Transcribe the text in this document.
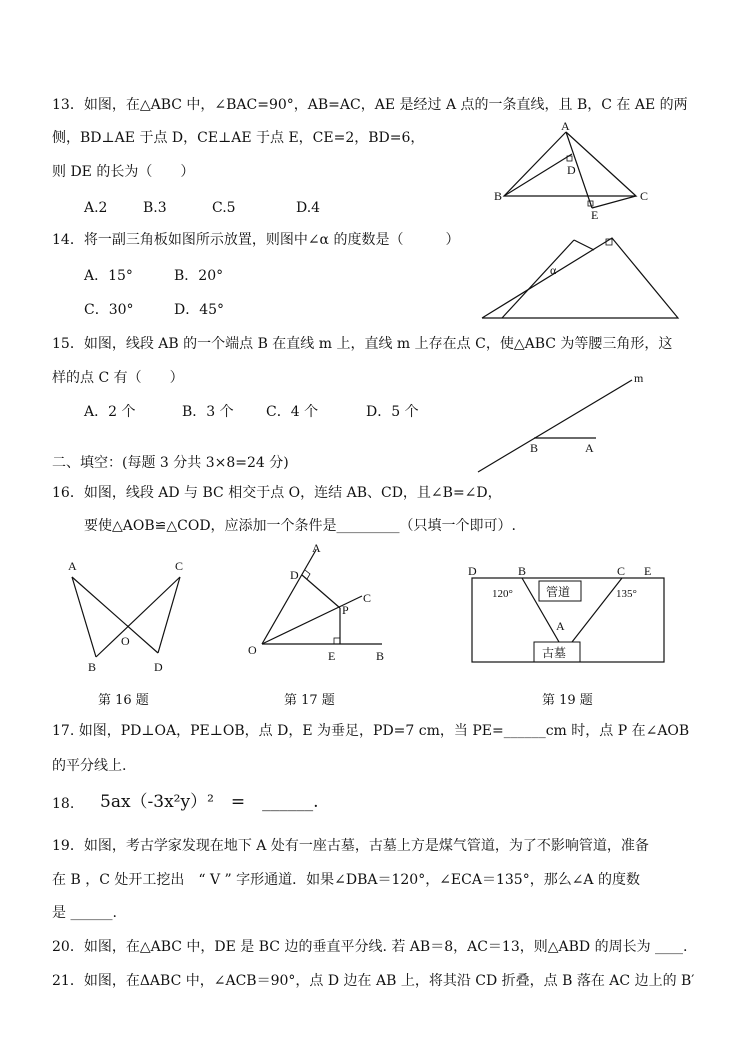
13．如图，在△ABC 中，∠BAC=90°，AB=AC，AE 是经过 A 点的一条直线，且 B，C 在 AE 的两
侧，BD⊥AE 于点 D，CE⊥AE 于点 E，CE=2，BD=6，
则 DE 的长为（　　）
A.2	B.3	C.5	D.4
A
B	C
D
E
14．将一副三角板如图所示放置，则图中∠α 的度数是（　　　）
A．15°	B．20°
C．30°	D．45°
α
15．如图，线段 AB 的一个端点 B 在直线 m 上，直线 m 上存在点 C，使△ABC 为等腰三角形，这
样的点 C 有（　　）
A．2 个	B．3 个 C．4 个	D．5 个
m
B	A
二、填空：(每题 3 分共 3×8=24 分)
16．如图，线段 AD 与 BC 相交于点 O，连结 AB、CD，且∠B=∠D，
要使△AOB≌△COD，应添加一个条件是_________（只填一个即可）.
A	C
O
B	D
第 16 题
A
D
C
P
O	E	B
第 17 题
D	B	C E
120°	135°
管道
A
古墓
第 19 题
17. 如图，PD⊥OA，PE⊥OB，点 D，E 为垂足，PD=7 cm，当 PE=______cm 时，点 P 在∠AOB
的平分线上.
18. 5ax（-3x²y）²　=　______.
19．如图，考古学家发现在地下 A 处有一座古墓，古墓上方是煤气管道，为了不影响管道，准备
在 B ，C 处开工挖出　“ V ” 字形通道．如果∠DBA＝120°，∠ECA＝135°，那么∠A 的度数
是 ______.
20．如图，在△ABC 中，DE 是 BC 边的垂直平分线. 若 AB＝8，AC＝13，则△ABD 的周长为 ____.
21．如图，在ΔABC 中，∠ACB＝90°，点 D 边在 AB 上，将其沿 CD 折叠，点 B 落在 AC 边上的 B′
